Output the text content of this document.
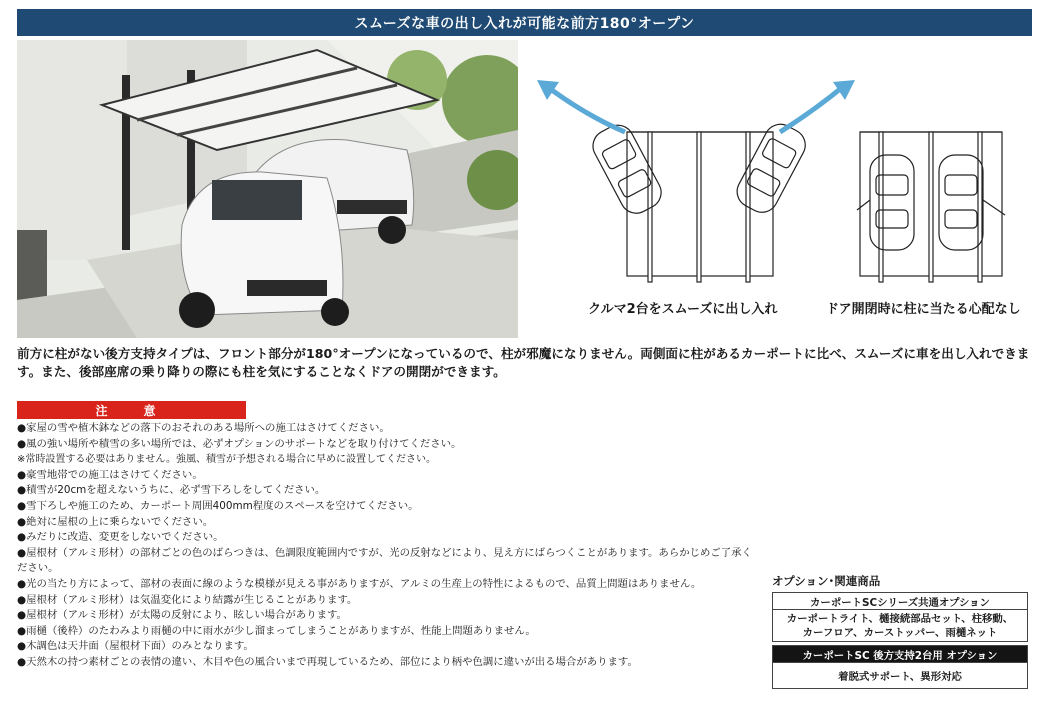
スムーズな車の出し入れが可能な前方180°オープン
クルマ2台をスムーズに出し入れ	ドア開閉時に柱に当たる心配なし
前方に柱がない後方支持タイプは、フロント部分が180°オープンになっているので、柱が邪魔になりません。両側面に柱があるカーポートに比べ、スムーズに車を出し入れできます。また、後部座席の乗り降りの際にも柱を気にすることなくドアの開閉ができます。
注　意
●家屋の雪や植木鉢などの落下のおそれのある場所への施工はさけてください。
●風の強い場所や積雪の多い場所では、必ずオプションのサポートなどを取り付けてください。
※常時設置する必要はありません。強風、積雪が予想される場合に早めに設置してください。
●豪雪地帯での施工はさけてください。
●積雪が20cmを超えないうちに、必ず雪下ろしをしてください。
●雪下ろしや施工のため、カーポート周囲400mm程度のスペースを空けてください。
●絶対に屋根の上に乗らないでください。
●みだりに改造、変更をしないでください。
●屋根材（アルミ形材）の部材ごとの色のばらつきは、色調限度範囲内ですが、光の反射などにより、見え方にばらつくことがあります。あらかじめご了承ください。
●光の当たり方によって、部材の表面に線のような模様が見える事がありますが、アルミの生産上の特性によるもので、品質上問題はありません。
●屋根材（アルミ形材）は気温変化により結露が生じることがあります。
●屋根材（アルミ形材）が太陽の反射により、眩しい場合があります。
●雨樋（後枠）のたわみより雨樋の中に雨水が少し溜まってしまうことがありますが、性能上問題ありません。
●木調色は天井面（屋根材下面）のみとなります。
●天然木の持つ素材ごとの表情の違い、木目や色の風合いまで再現しているため、部位により柄や色調に違いが出る場合があります。
オプション･関連商品
カーポートSCシリーズ共通オプション
カーポートライト、樋接続部品セット、柱移動、
カーフロア、カーストッパー、雨樋ネット
カーポートSC 後方支持2台用 オプション
着脱式サポート、異形対応
